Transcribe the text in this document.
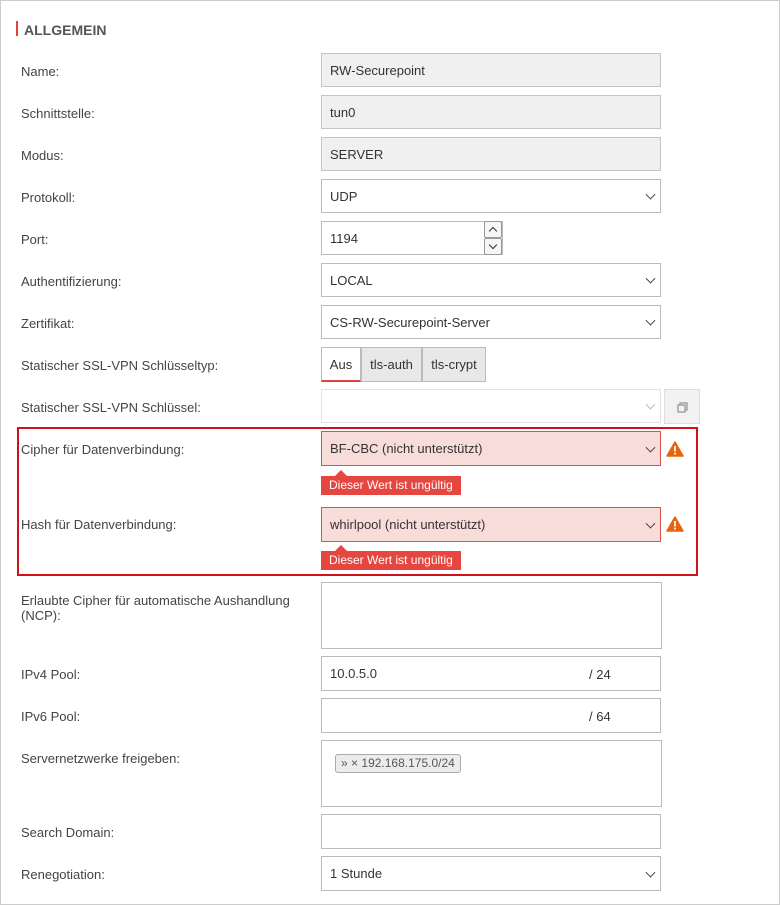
ALLGEMEIN
Name:	RW-Securepoint
Schnittstelle:	tun0
Modus:	SERVER
Protokoll:	UDP
Port:	1194
Authentifizierung:	LOCAL
Zertifikat:	CS-RW-Securepoint-Server
Statischer SSL-VPN Schlüsseltyp:	Aus	tls-auth	tls-crypt
Statischer SSL-VPN Schlüssel:
Cipher für Datenverbindung:	BF-CBC (nicht unterstützt)
Dieser Wert ist ungültig
Hash für Datenverbindung:	whirlpool (nicht unterstützt)
Dieser Wert ist ungültig
Erlaubte Cipher für automatische Aushandlung
(NCP):
IPv4 Pool:	10.0.5.0	/ 24
IPv6 Pool:	/ 64
Servernetzwerke freigeben:	» × 192.168.175.0/24
Search Domain:
Renegotiation:	1 Stunde
